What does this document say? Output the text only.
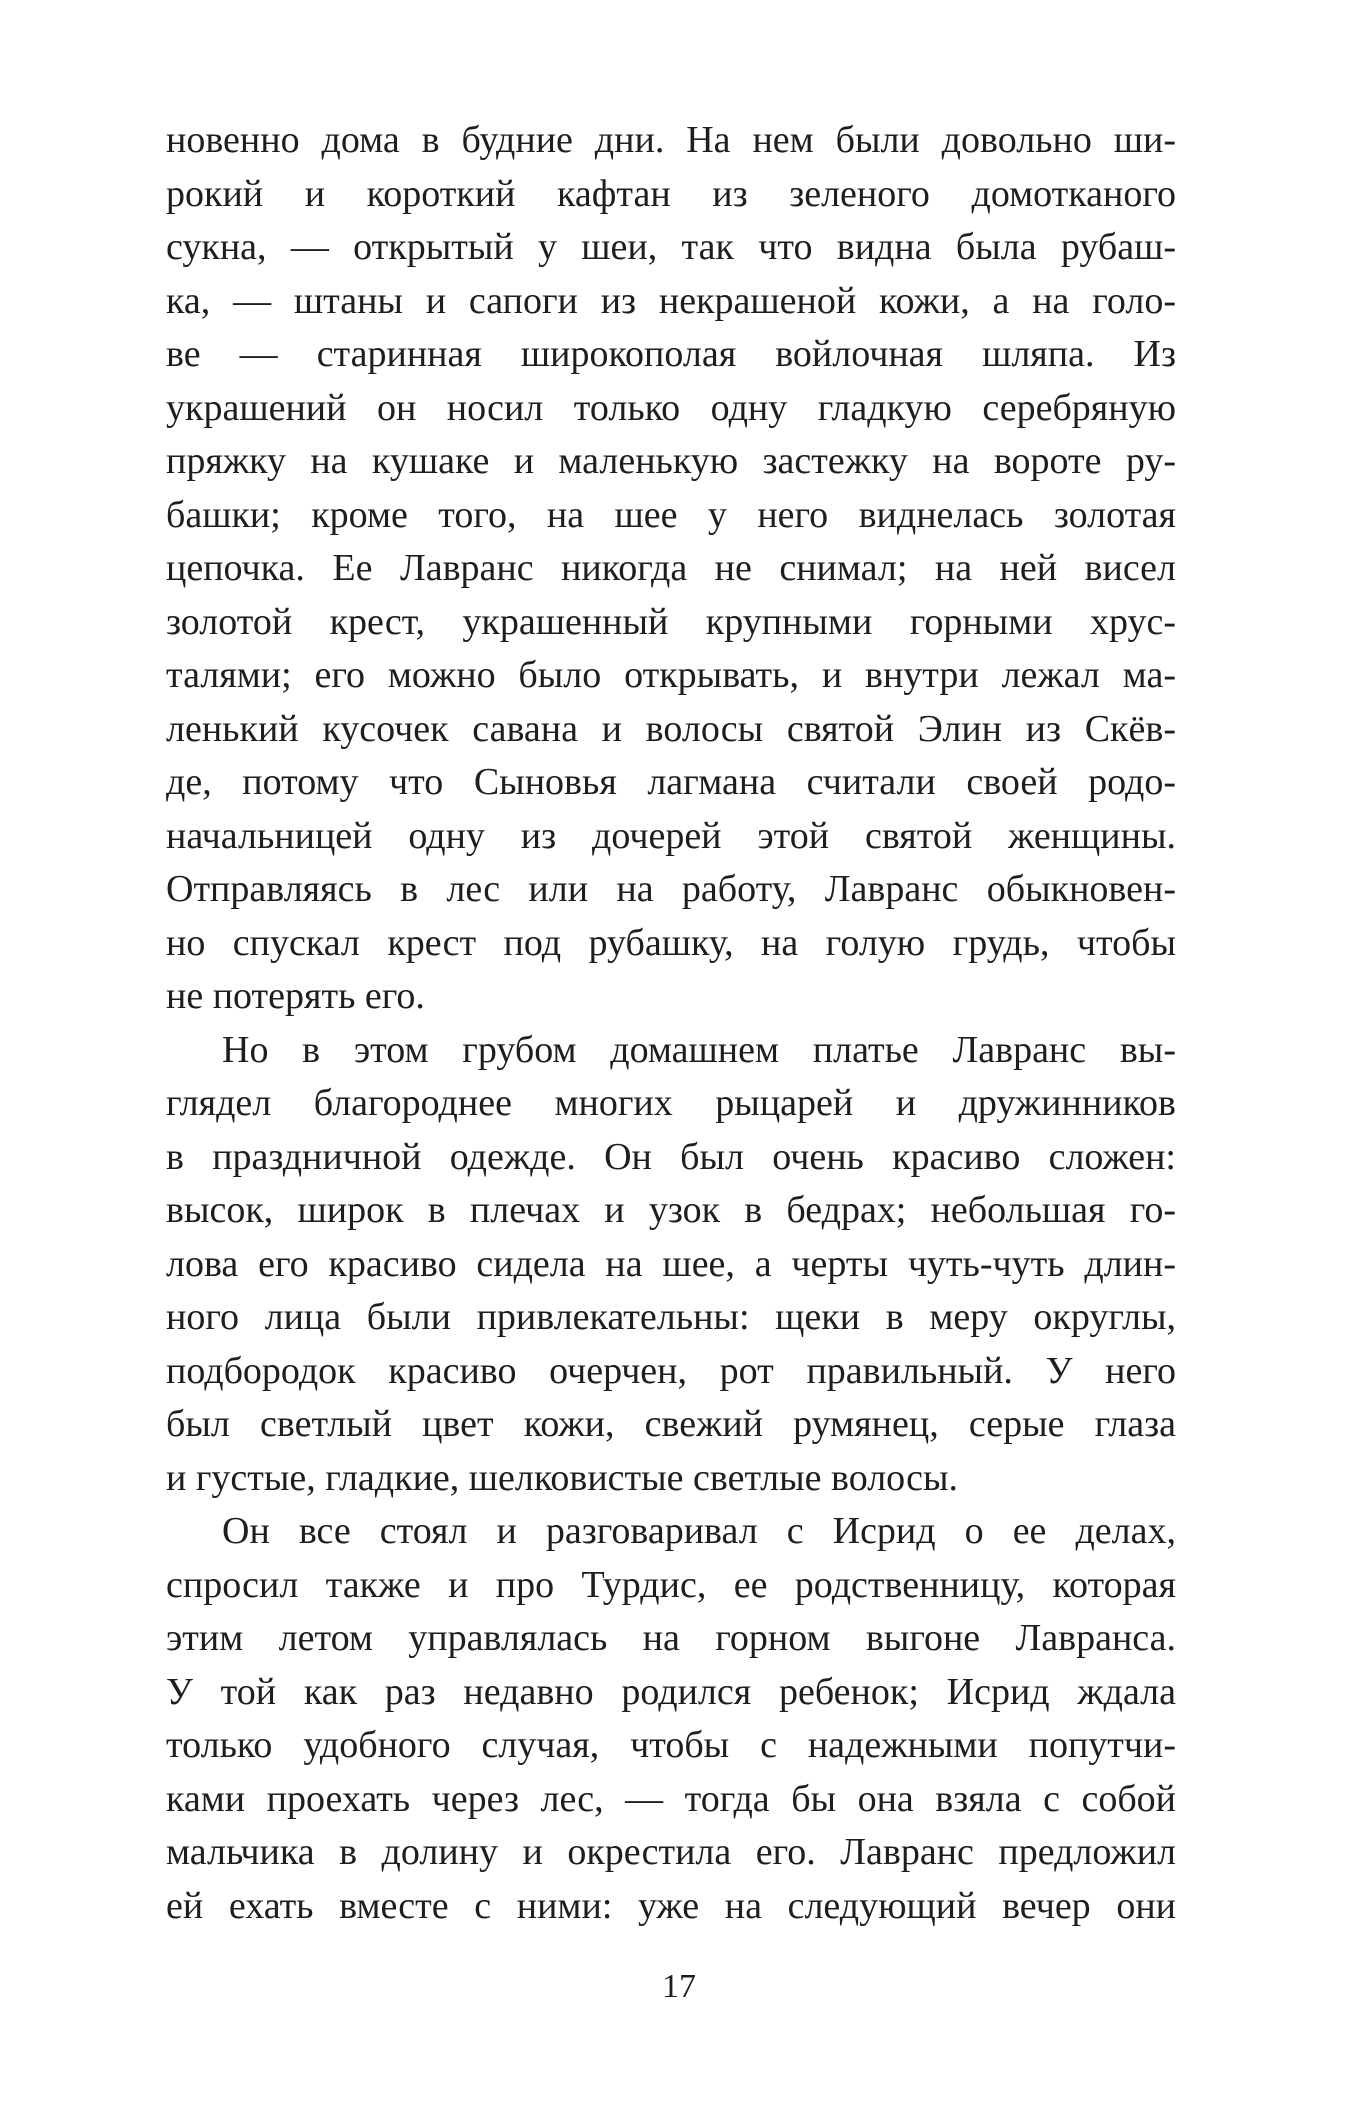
новенно дома в будние дни. На нем были довольно ши-
рокий и короткий кафтан из зеленого домотканого
сукна, — открытый у шеи, так что видна была рубаш-
ка, — штаны и сапоги из некрашеной кожи, а на голо-
ве — старинная широкополая войлочная шляпа. Из
украшений он носил только одну гладкую серебряную
пряжку на кушаке и маленькую застежку на вороте ру-
башки; кроме того, на шее у него виднелась золотая
цепочка. Ее Лавранс никогда не снимал; на ней висел
золотой крест, украшенный крупными горными хрус-
талями; его можно было открывать, и внутри лежал ма-
ленький кусочек савана и волосы святой Элин из Скёв-
де, потому что Сыновья лагмана считали своей родо-
начальницей одну из дочерей этой святой женщины.
Отправляясь в лес или на работу, Лавранс обыкновен-
но спускал крест под рубашку, на голую грудь, чтобы
не потерять его.
Но в этом грубом домашнем платье Лавранс вы-
глядел благороднее многих рыцарей и дружинников
в праздничной одежде. Он был очень красиво сложен:
высок, широк в плечах и узок в бедрах; небольшая го-
лова его красиво сидела на шее, а черты чуть-чуть длин-
ного лица были привлекательны: щеки в меру округлы,
подбородок красиво очерчен, рот правильный. У него
был светлый цвет кожи, свежий румянец, серые глаза
и густые, гладкие, шелковистые светлые волосы.
Он все стоял и разговаривал с Исрид о ее делах,
спросил также и про Турдис, ее родственницу, которая
этим летом управлялась на горном выгоне Лавранса.
У той как раз недавно родился ребенок; Исрид ждала
только удобного случая, чтобы с надежными попутчи-
ками проехать через лес, — тогда бы она взяла с собой
мальчика в долину и окрестила его. Лавранс предложил
ей ехать вместе с ними: уже на следующий вечер они
17
